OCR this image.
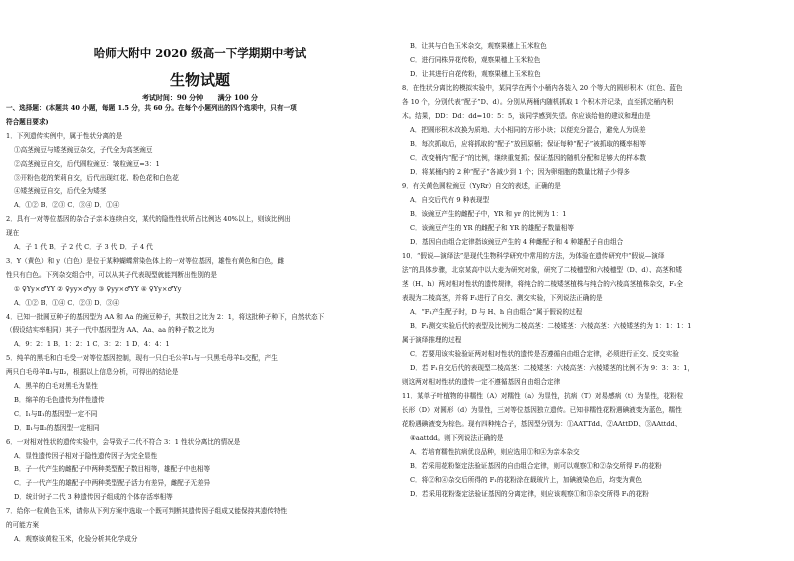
哈师大附中 2020 级高一下学期期中考试
生物试题
考试时间：90 分钟 满分 100 分
一、选择题：(本题共 40 小题，每题 1.5 分，共 60 分。在每个小题列出的四个选项中，只有一项
符合题目要求)
1．下列遗传实例中，属于性状分离的是
①高茎豌豆与矮茎豌豆杂交，子代全为高茎豌豆
②高茎豌豆自交，后代圆粒豌豆：皱粒豌豆=3：1
③开粉色花的茉莉自交，后代出现红花、粉色花和白色花
④矮茎豌豆自交，后代全为矮茎
A．①② B．②③ C．③④ D．①④
2．具有一对等位基因的杂合子亲本连续自交，某代的隐性性状所占比例达 40%以上，则该比例出
现在
A．子 1 代 B．子 2 代 C．子 3 代 D．子 4 代
3．Y（黄色）和 y（白色）是位于某种蝴蝶常染色体上的一对等位基因，雄性有黄色和白色，雌
性只有白色。下列杂交组合中，可以从其子代表现型就能判断出性别的是
① ♀Yy×♂YY ② ♀yy×♂yy ③ ♀yy×♂YY ④ ♀Yy×♂Yy
A．①② B．①④ C．②③ D．③④
4．已知一批圆豆种子的基因型为 AA 和 Aa 的豌豆种子，其数目之比为 2：1，将这批种子种下，自然状态下
（假设结实率相同）其子一代中基因型为 AA、Aa、aa 的种子数之比为
A．9：2：1 B．1：2：1 C．3：2：1 D．4：4：1
5．纯羊的黑毛和白毛受一对等位基因控制，现有一只白毛公羊Ⅰ₁与一只黑毛母羊Ⅰ₂交配，产生
两只白毛母羊Ⅱ₁与Ⅱ₂，根据以上信息分析，可得出的结论是
A．黑羊的白毛对黑毛为显性
B．绵羊的毛色遗传为伴性遗传
C．Ⅰ₁与Ⅱ₁的基因型一定不同
D．Ⅱ₁与Ⅱ₂的基因型一定相同
6．一对相对性状的遗传实验中，会导致子二代不符合 3：1 性状分离比的情况是
A．显性遗传因子相对于隐性遗传因子为完全显性
B．子一代产生的雌配子中两种类型配子数目相等，雄配子中也相等
C．子一代产生的雄配子中两种类型配子活力有差异，雌配子无差异
D．统计时子二代 3 种遗传因子组成的个体存活率相等
7．给你一粒黄色玉米，请你从下列方案中选取一个既可判断其遗传因子组成又能保持其遗传特性
的可能方案
A．观察该黄粒玉米，化验分析其化学成分
B．让其与白色玉米杂交，观察果穗上玉米粒色
C．进行同株异花传粉，观察果穗上玉米粒色
D．让其进行自花传粉，观察果穗上玉米粒色
8．在性状分离比的模拟实验中，某同学在两个小桶内各装入 20 个等大的圆形积木（红色、蓝色
各 10 个，分别代表“配子”D、d）。分别从两桶内随机抓取 1 个积木并记录，直至抓完桶内积
木。结果，DD：Dd：dd=10：5：5，该同学感到失望。你应该给他的建议和理由是
A．把圆形积木改换为质地、大小相同的方形小块；以便充分混合，避免人为误差
B．每次抓取后，应将抓取的“配子”放回原桶；保证每种“配子”被抓取的概率相等
C．改变桶内“配子”的比例，继续重复抓；保证基因的随机分配和足够大的样本数
D．将某桶内的 2 种“配子”各减少到 1 个；因为卵细胞的数量比精子少得多
9．有关黄色圆粒豌豆（YyRr）自交的表述，正确的是
A．自交后代有 9 种表现型
B．该豌豆产生的雌配子中，YR 和 yr 的比例为 1：1
C．该豌豆产生的 YR 的雌配子和 YR 的雄配子数量相等
D．基因自由组合定律指该豌豆产生的 4 种雌配子和 4 种雄配子自由组合
10．“假说—演绎法”是现代生物科学研究中常用的方法，为体验在遗传研究中“假说—演绎
法”的具体步骤，北京某高中以大麦为研究对象，研究了二棱穗型和六棱穗型（D、d）、高茎和矮
茎（H、h）两对相对性状的遗传规律，将纯合的二棱矮茎植株与纯合的六棱高茎植株杂交，F₁全
表现为二棱高茎，并将 F₁进行了自交、测交实验，下列说法正确的是
A．“F₁产生配子时，D 与 H、h 自由组合”属于假说的过程
B．F₁测交实验后代的表型及比例为二棱高茎：二棱矮茎：六棱高茎：六棱矮茎约为 1：1：1：1
属于演绎推理的过程
C．若要用该实验验证两对相对性状的遗传是否遵循自由组合定律，必须进行正交、反交实验
D．若 F₁自交后代的表现型二棱高茎：二棱矮茎：六棱高茎：六棱矮茎的比例不为 9：3：3：1，
则这两对相对性状的遗传一定不遵循基因自由组合定律
11．某单子叶植物的非糯性（A）对糯性（a）为显性，抗病（T）对易感病（t）为显性，花粉粒
长形（D）对圆形（d）为显性，三对等位基因独立遗传。已知非糯性花粉遇碘液变为蓝色，糯性
花粉遇碘液变为棕色。现有四种纯合子，基因型分别为：①AATTdd、②AAttDD、③AAttdd、
④aattdd。则下列说法正确的是
A．若培育糯性抗病优良品种，则应选用①和④为亲本杂交
B．若采用花粉鉴定法验证基因的自由组合定律，则可以观察①和②杂交所得 F₁的花粉
C．将②和④杂交后所得的 F₁的花粉涂在载玻片上，加碘液染色后，均变为黄色
D．若采用花粉鉴定法验证基因的分离定律，则应该观察①和③杂交所得 F₁的花粉
